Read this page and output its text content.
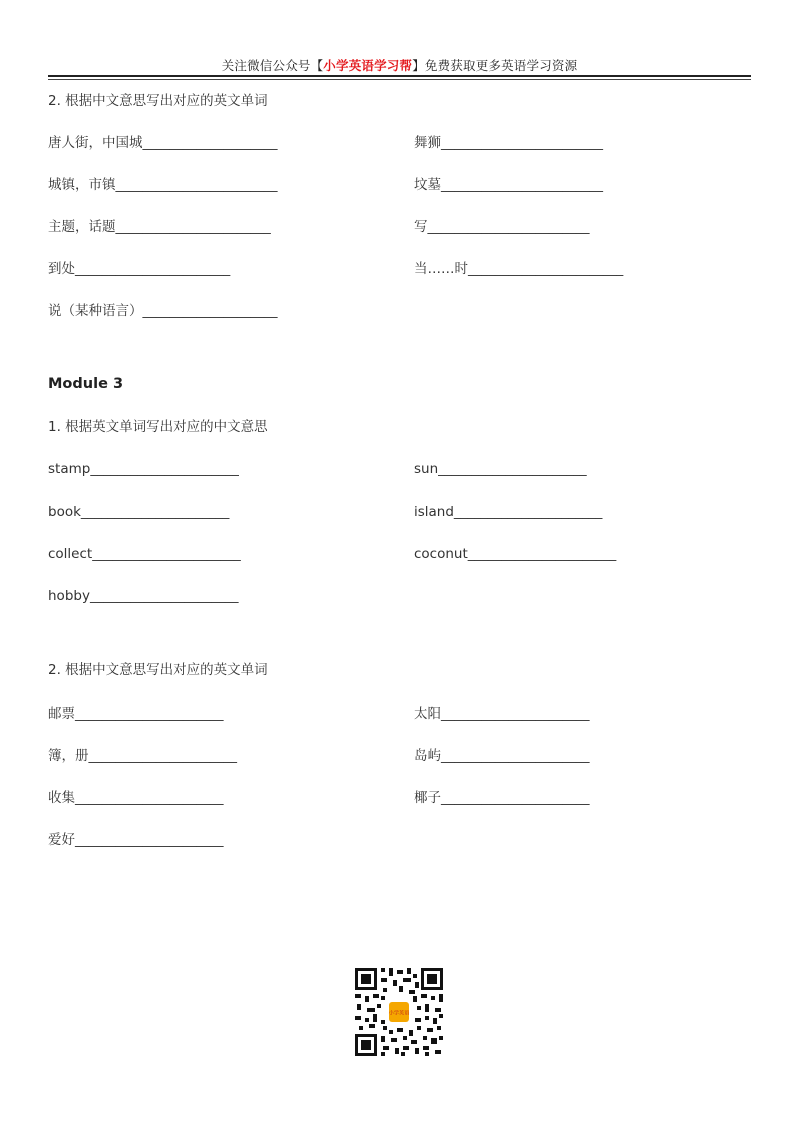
关注微信公众号【小学英语学习帮】免费获取更多英语学习资源
2. 根据中文意思写出对应的英文单词
唐人街，中国城____________________
城镇，市镇________________________
主题，话题_______________________
到处_______________________
说（某种语言）____________________
舞狮________________________
坟墓________________________
写________________________
当……时_______________________
Module 3
1. 根据英文单词写出对应的中文意思
stamp______________________
book______________________
collect______________________
hobby______________________
sun______________________
island______________________
coconut______________________
2. 根据中文意思写出对应的英文单词
邮票______________________
簿，册______________________
收集______________________
爱好______________________
太阳______________________
岛屿______________________
椰子______________________
小学英语
